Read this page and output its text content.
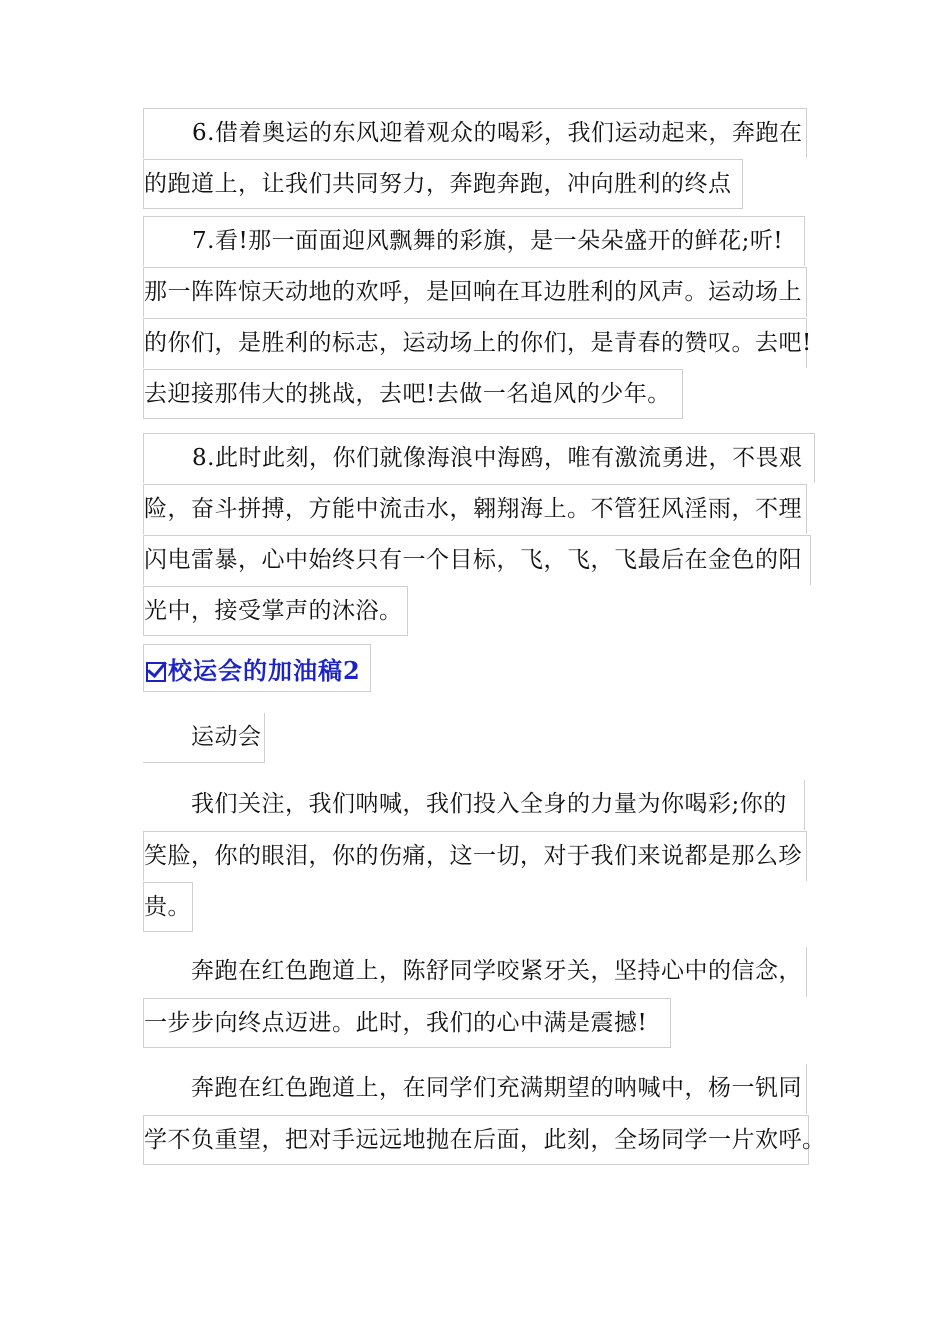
6.借着奥运的东风迎着观众的喝彩，我们运动起来，奔跑在
的跑道上，让我们共同努力，奔跑奔跑，冲向胜利的终点
7.看!那一面面迎风飘舞的彩旗，是一朵朵盛开的鲜花;听!
那一阵阵惊天动地的欢呼，是回响在耳边胜利的风声。运动场上
的你们，是胜利的标志，运动场上的你们，是青春的赞叹。去吧!
去迎接那伟大的挑战，去吧!去做一名追风的少年。
8.此时此刻，你们就像海浪中海鸥，唯有激流勇进，不畏艰
险，奋斗拼搏，方能中流击水，翱翔海上。不管狂风淫雨，不理
闪电雷暴，心中始终只有一个目标，飞，飞，飞最后在金色的阳
光中，接受掌声的沐浴。
校运会的加油稿2
运动会
我们关注，我们呐喊，我们投入全身的力量为你喝彩;你的
笑脸，你的眼泪，你的伤痛，这一切，对于我们来说都是那么珍
贵。
奔跑在红色跑道上，陈舒同学咬紧牙关，坚持心中的信念，
一步步向终点迈进。此时，我们的心中满是震撼!
奔跑在红色跑道上，在同学们充满期望的呐喊中，杨一钒同
学不负重望，把对手远远地抛在后面，此刻，全场同学一片欢呼。
